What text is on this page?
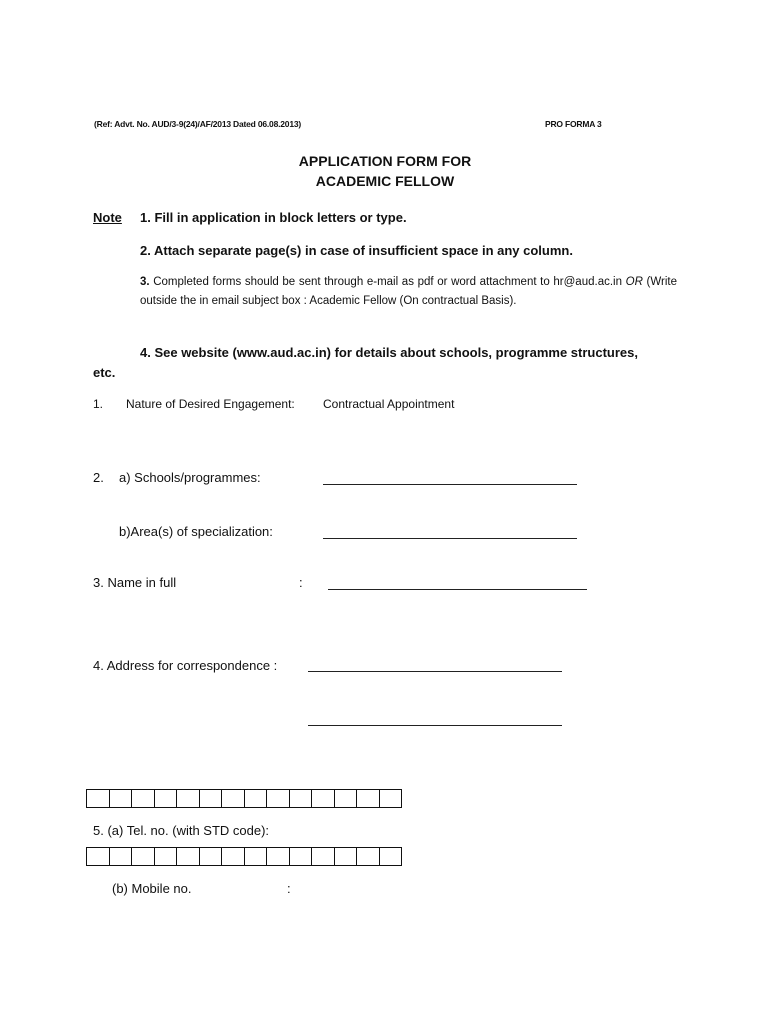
(Ref: Advt. No. AUD/3-9(24)/AF/2013 Dated 06.08.2013)	PRO FORMA 3
APPLICATION FORM FOR
ACADEMIC FELLOW
Note 1. Fill in application in block letters or type.
2. Attach separate page(s) in case of insufficient space in any column.
3. Completed forms should be sent through e-mail as pdf or word attachment to hr@aud.ac.in OR (Write outside the in email subject box : Academic Fellow (On contractual Basis).
4. See website (www.aud.ac.in) for details about schools, programme structures,
etc.
1. Nature of Desired Engagement: Contractual Appointment
2. a) Schools/programmes:
b)Area(s) of specialization:
3. Name in full	:
4. Address for correspondence :
5. (a) Tel. no. (with STD code):
(b) Mobile no.	:
